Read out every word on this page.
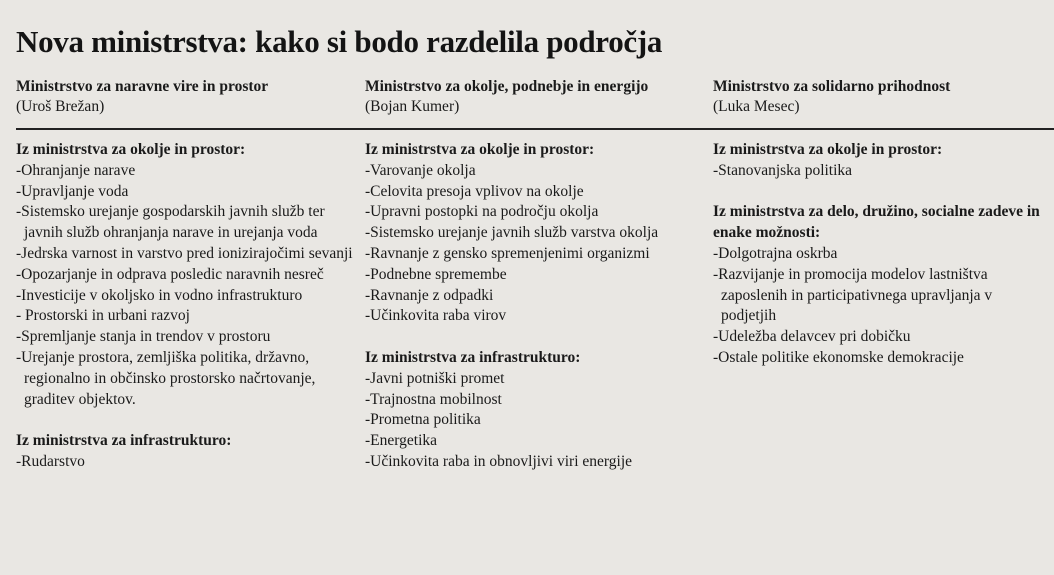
Nova ministrstva: kako si bodo razdelila področja
Ministrstvo za naravne vire in prostor
(Uroš Brežan)
Ministrstvo za okolje, podnebje in energijo
(Bojan Kumer)
Ministrstvo za solidarno prihodnost
(Luka Mesec)
Iz ministrstva za okolje in prostor:
-Ohranjanje narave
-Upravljanje voda
-Sistemsko urejanje gospodarskih javnih služb ter javnih služb ohranjanja narave in urejanja voda
-Jedrska varnost in varstvo pred ionizirajočimi sevanji
-Opozarjanje in odprava posledic naravnih nesreč
-Investicije v okoljsko in vodno infrastrukturo
- Prostorski in urbani razvoj
-Spremljanje stanja in trendov v prostoru
-Urejanje prostora, zemljiška politika, državno, regionalno in občinsko prostorsko načrtovanje, graditev objektov.
Iz ministrstva za infrastrukturo:
-Rudarstvo
Iz ministrstva za okolje in prostor:
-Varovanje okolja
-Celovita presoja vplivov na okolje
-Upravni postopki na področju okolja
-Sistemsko urejanje javnih služb varstva okolja
-Ravnanje z gensko spremenjenimi organizmi
-Podnebne spremembe
-Ravnanje z odpadki
-Učinkovita raba virov
Iz ministrstva za infrastrukturo:
-Javni potniški promet
-Trajnostna mobilnost
-Prometna politika
-Energetika
-Učinkovita raba in obnovljivi viri energije
Iz ministrstva za okolje in prostor:
-Stanovanjska politika
Iz ministrstva za delo, družino, socialne zadeve in enake možnosti:
-Dolgotrajna oskrba
-Razvijanje in promocija modelov lastništva zaposlenih in participativnega upravljanja v podjetjih
-Udeležba delavcev pri dobičku
-Ostale politike ekonomske demokracije
